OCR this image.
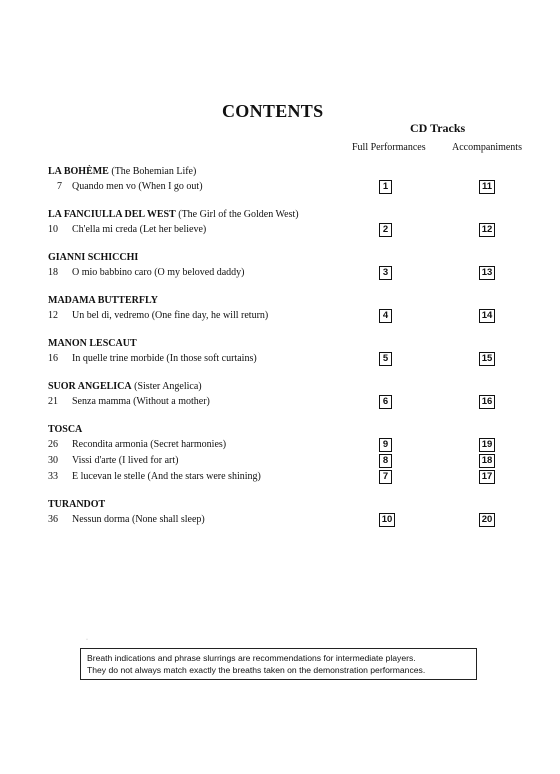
CONTENTS
CD Tracks
Full Performances	Accompaniments
LA BOHÈME (The Bohemian Life)
7 Quando men vo (When I go out)	1	11
LA FANCIULLA DEL WEST (The Girl of the Golden West)
10 Ch'ella mi creda (Let her believe)	2	12
GIANNI SCHICCHI
18 O mio babbino caro (O my beloved daddy)	3	13
MADAMA BUTTERFLY
12 Un bel dì, vedremo (One fine day, he will return)	4	14
MANON LESCAUT
16 In quelle trine morbide (In those soft curtains)	5	15
SUOR ANGELICA (Sister Angelica)
21 Senza mamma (Without a mother)	6	16
TOSCA
26 Recondita armonia (Secret harmonies)	9	19
30 Vissi d'arte (I lived for art)	8	18
33 E lucevan le stelle (And the stars were shining)	7	17
TURANDOT
36 Nessun dorma (None shall sleep)	10	20
·
Breath indications and phrase slurrings are recommendations for intermediate players.
They do not always match exactly the breaths taken on the demonstration performances.
